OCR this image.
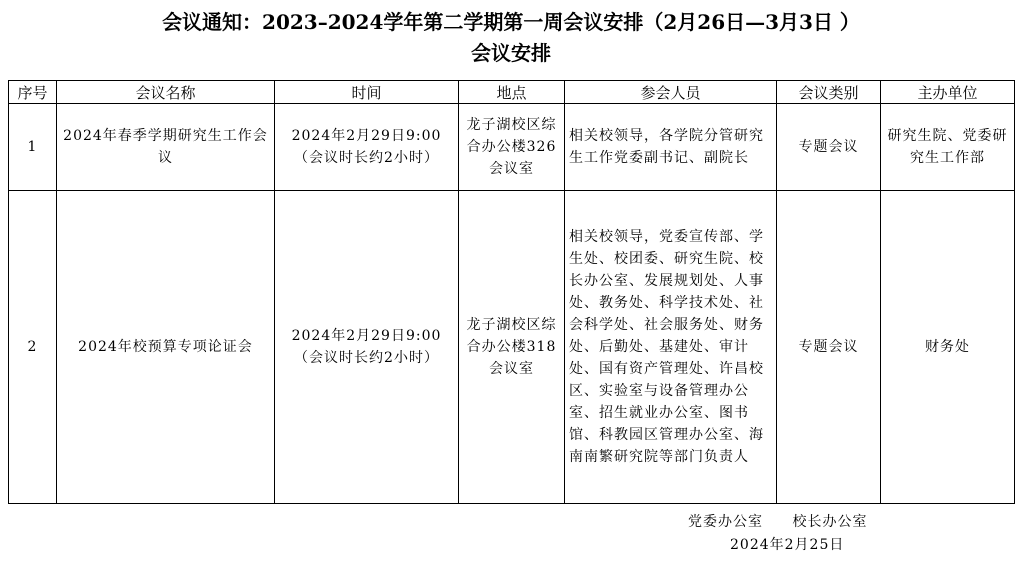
会议通知：2023–2024学年第二学期第一周会议安排（2月26日—3月3日 ）
会议安排
序号	会议名称	时间	地点	参会人员	会议类别	主办单位
1	2024年春季学期研究生工作会议	2024年2月29日9:00（会议时长约2小时）	龙子湖校区综合办公楼326会议室	相关校领导，各学院分管研究生工作党委副书记、副院长	专题会议	研究生院、党委研究生工作部
2	2024年校预算专项论证会	2024年2月29日9:00（会议时长约2小时）	龙子湖校区综合办公楼318会议室	相关校领导，党委宣传部、学生处、校团委、研究生院、校长办公室、发展规划处、人事处、教务处、科学技术处、社会科学处、社会服务处、财务处、后勤处、基建处、审计处、国有资产管理处、许昌校区、实验室与设备管理办公室、招生就业办公室、图书馆、科教园区管理办公室、海南南繁研究院等部门负责人	专题会议	财务处
党委办公室 校长办公室
2024年2月25日
